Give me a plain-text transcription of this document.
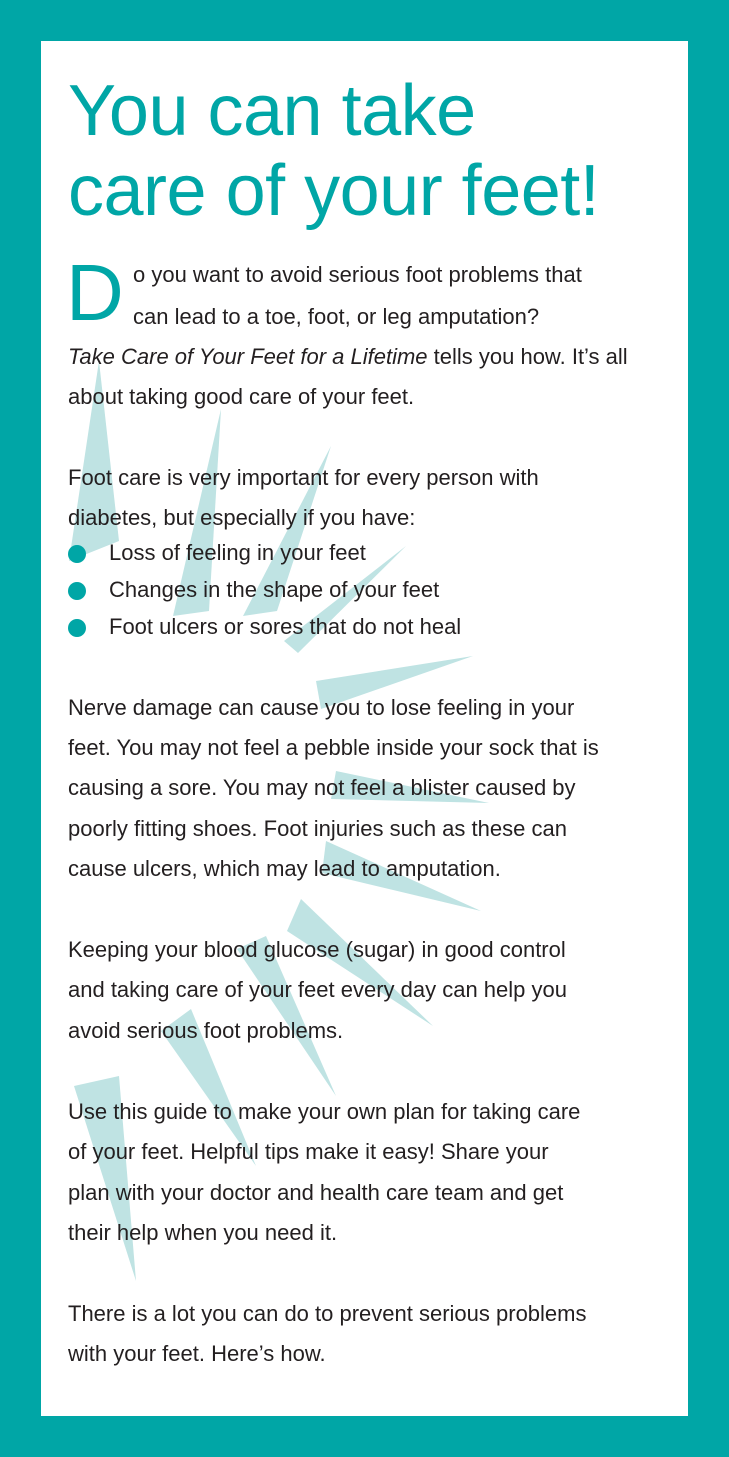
You can take
care of your feet!
D o you want to avoid serious foot problems that
can lead to a toe, foot, or leg amputation?
Take Care of Your Feet for a Lifetime tells you how. It’s all
about taking good care of your feet.
Foot care is very important for every person with
diabetes, but especially if you have:
Loss of feeling in your feet
Changes in the shape of your feet
Foot ulcers or sores that do not heal
Nerve damage can cause you to lose feeling in your
feet. You may not feel a pebble inside your sock that is
causing a sore. You may not feel a blister caused by
poorly fitting shoes. Foot injuries such as these can
cause ulcers, which may lead to amputation.
Keeping your blood glucose (sugar) in good control
and taking care of your feet every day can help you
avoid serious foot problems.
Use this guide to make your own plan for taking care
of your feet. Helpful tips make it easy! Share your
plan with your doctor and health care team and get
their help when you need it.
There is a lot you can do to prevent serious problems
with your feet. Here’s how.
